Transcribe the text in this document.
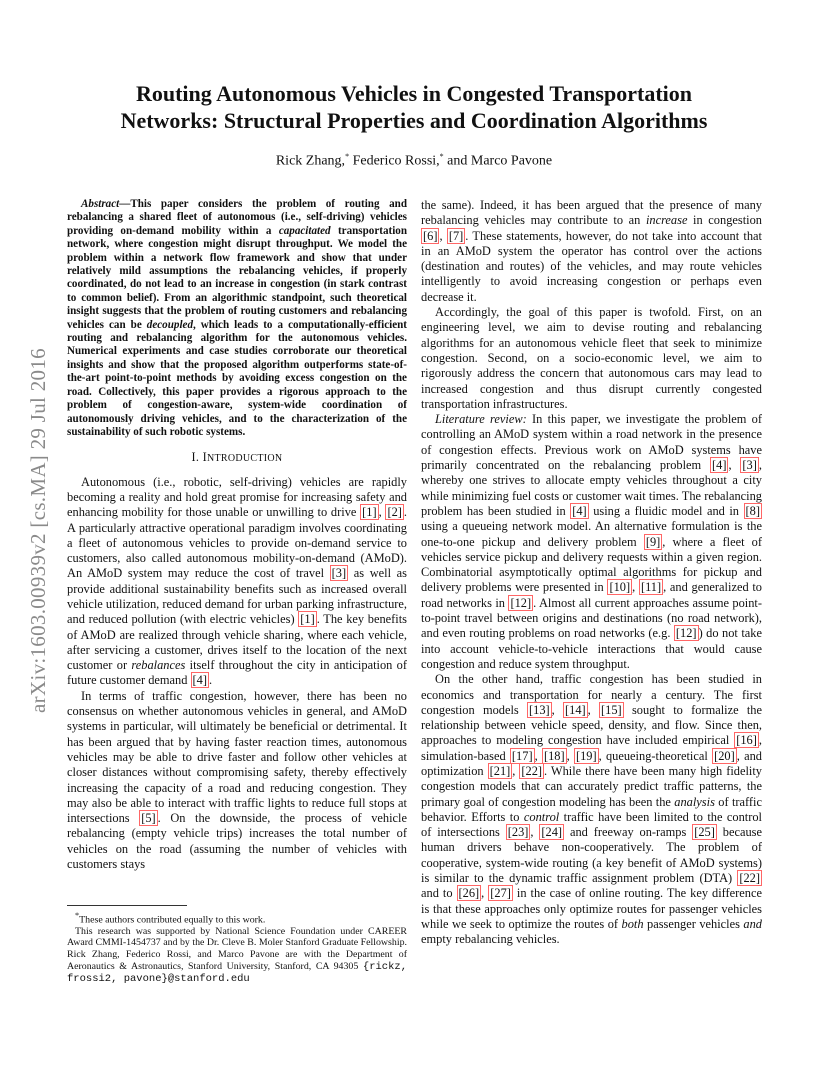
arXiv:1603.00939v2 [cs.MA] 29 Jul 2016
Routing Autonomous Vehicles in Congested Transportation
Networks: Structural Properties and Coordination Algorithms
Rick Zhang,* Federico Rossi,* and Marco Pavone

Abstract—This paper considers the problem of routing and rebalancing a shared fleet of autonomous (i.e., self-driving) vehicles providing on-demand mobility within a capacitated transportation network, where congestion might disrupt throughput. We model the problem within a network flow framework and show that under relatively mild assumptions the rebalancing vehicles, if properly coordinated, do not lead to an increase in congestion (in stark contrast to common belief). From an algorithmic standpoint, such theoretical insight suggests that the problem of routing customers and rebalancing vehicles can be decoupled, which leads to a computationally-efficient routing and rebalancing algorithm for the autonomous vehicles. Numerical experiments and case studies corroborate our theoretical insights and show that the proposed algorithm outperforms state-of-the-art point-to-point methods by avoiding excess congestion on the road. Collectively, this paper provides a rigorous approach to the problem of congestion-aware, system-wide coordination of autonomously driving vehicles, and to the characterization of the sustainability of such robotic systems.

I. INTRODUCTION

Autonomous (i.e., robotic, self-driving) vehicles are rapidly becoming a reality and hold great promise for increasing safety and enhancing mobility for those unable or unwilling to drive [1] , [2] . A particularly attractive operational paradigm involves coordinating a fleet of autonomous vehicles to provide on-demand service to customers, also called autonomous mobility-on-demand (AMoD). An AMoD system may reduce the cost of travel [3] as well as provide additional sustainability benefits such as increased overall vehicle utilization, reduced demand for urban parking infrastructure, and reduced pollution (with electric vehicles) [1] . The key benefits of AMoD are realized through vehicle sharing, where each vehicle, after servicing a customer, drives itself to the location of the next customer or rebalances itself throughout the city in anticipation of future customer demand [4] .

In terms of traffic congestion, however, there has been no consensus on whether autonomous vehicles in general, and AMoD systems in particular, will ultimately be beneficial or detrimental. It has been argued that by having faster reaction times, autonomous vehicles may be able to drive faster and follow other vehicles at closer distances without compromising safety, thereby effectively increasing the capacity of a road and reducing congestion. They may also be able to interact with traffic lights to reduce full stops at intersections [5] . On the downside, the process of vehicle rebalancing (empty vehicle trips) increases the total number of vehicles on the road (assuming the number of vehicles with customers stays

*These authors contributed equally to this work.

This research was supported by National Science Foundation under CAREER Award CMMI-1454737 and by the Dr. Cleve B. Moler Stanford Graduate Fellowship. Rick Zhang, Federico Rossi, and Marco Pavone are with the Department of Aeronautics & Astronautics, Stanford University, Stanford, CA 94305 {rickz, frossi2, pavone}@stanford.edu

the same). Indeed, it has been argued that the presence of many rebalancing vehicles may contribute to an increase in congestion [6] , [7] . These statements, however, do not take into account that in an AMoD system the operator has control over the actions (destination and routes) of the vehicles, and may route vehicles intelligently to avoid increasing congestion or perhaps even decrease it.

Accordingly, the goal of this paper is twofold. First, on an engineering level, we aim to devise routing and rebalancing algorithms for an autonomous vehicle fleet that seek to minimize congestion. Second, on a socio-economic level, we aim to rigorously address the concern that autonomous cars may lead to increased congestion and thus disrupt currently congested transportation infrastructures.

Literature review: In this paper, we investigate the problem of controlling an AMoD system within a road network in the presence of congestion effects. Previous work on AMoD systems have primarily concentrated on the rebalancing problem [4] , [3] , whereby one strives to allocate empty vehicles throughout a city while minimizing fuel costs or customer wait times. The rebalancing problem has been studied in [4] using a fluidic model and in [8] using a queueing network model. An alternative formulation is the one-to-one pickup and delivery problem [9] , where a fleet of vehicles service pickup and delivery requests within a given region. Combinatorial asymptotically optimal algorithms for pickup and delivery problems were presented in [10] , [11] , and generalized to road networks in [12] . Almost all current approaches assume point-to-point travel between origins and destinations (no road network), and even routing problems on road networks (e.g. [12] ) do not take into account vehicle-to-vehicle interactions that would cause congestion and reduce system throughput.

On the other hand, traffic congestion has been studied in economics and transportation for nearly a century. The first congestion models [13] , [14] , [15] sought to formalize the relationship between vehicle speed, density, and flow. Since then, approaches to modeling congestion have included empirical [16] , simulation-based [17] , [18] , [19] , queueing-theoretical [20] , and optimization [21] , [22] . While there have been many high fidelity congestion models that can accurately predict traffic patterns, the primary goal of congestion modeling has been the analysis of traffic behavior. Efforts to control traffic have been limited to the control of intersections [23] , [24] and freeway on-ramps [25] because human drivers behave non-cooperatively. The problem of cooperative, system-wide routing (a key benefit of AMoD systems) is similar to the dynamic traffic assignment problem (DTA) [22] and to [26] , [27] in the case of online routing. The key difference is that these approaches only optimize routes for passenger vehicles while we seek to optimize the routes of both passenger vehicles and empty rebalancing vehicles.
